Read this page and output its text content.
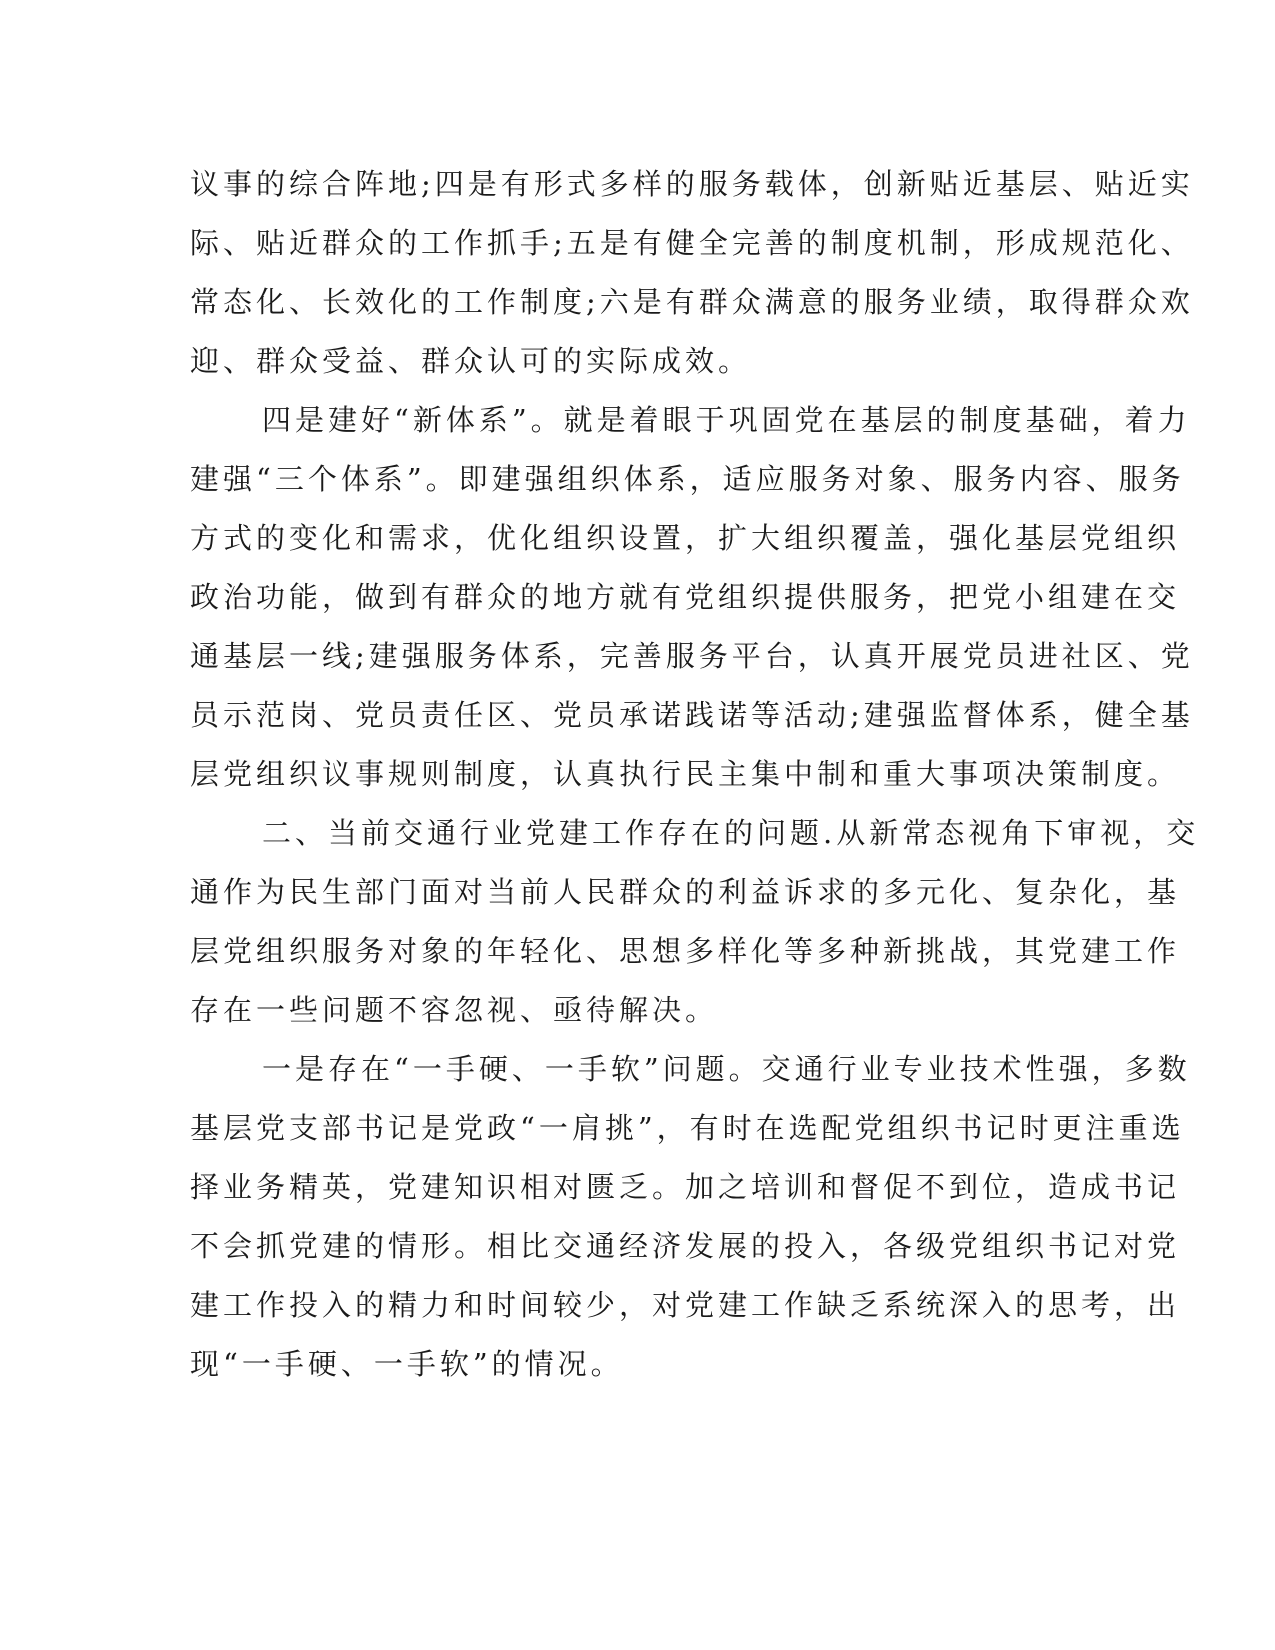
议事的综合阵地;四是有形式多样的服务载体，创新贴近基层、贴近实
际、贴近群众的工作抓手;五是有健全完善的制度机制，形成规范化、
常态化、长效化的工作制度;六是有群众满意的服务业绩，取得群众欢
迎、群众受益、群众认可的实际成效。
四是建好“新体系”。就是着眼于巩固党在基层的制度基础，着力
建强“三个体系”。即建强组织体系，适应服务对象、服务内容、服务
方式的变化和需求，优化组织设置，扩大组织覆盖，强化基层党组织
政治功能，做到有群众的地方就有党组织提供服务，把党小组建在交
通基层一线;建强服务体系，完善服务平台，认真开展党员进社区、党
员示范岗、党员责任区、党员承诺践诺等活动;建强监督体系，健全基
层党组织议事规则制度，认真执行民主集中制和重大事项决策制度。
二、当前交通行业党建工作存在的问题.从新常态视角下审视，交
通作为民生部门面对当前人民群众的利益诉求的多元化、复杂化，基
层党组织服务对象的年轻化、思想多样化等多种新挑战，其党建工作
存在一些问题不容忽视、亟待解决。
一是存在“一手硬、一手软”问题。交通行业专业技术性强，多数
基层党支部书记是党政“一肩挑”，有时在选配党组织书记时更注重选
择业务精英，党建知识相对匮乏。加之培训和督促不到位，造成书记
不会抓党建的情形。相比交通经济发展的投入，各级党组织书记对党
建工作投入的精力和时间较少，对党建工作缺乏系统深入的思考，出
现“一手硬、一手软”的情况。
